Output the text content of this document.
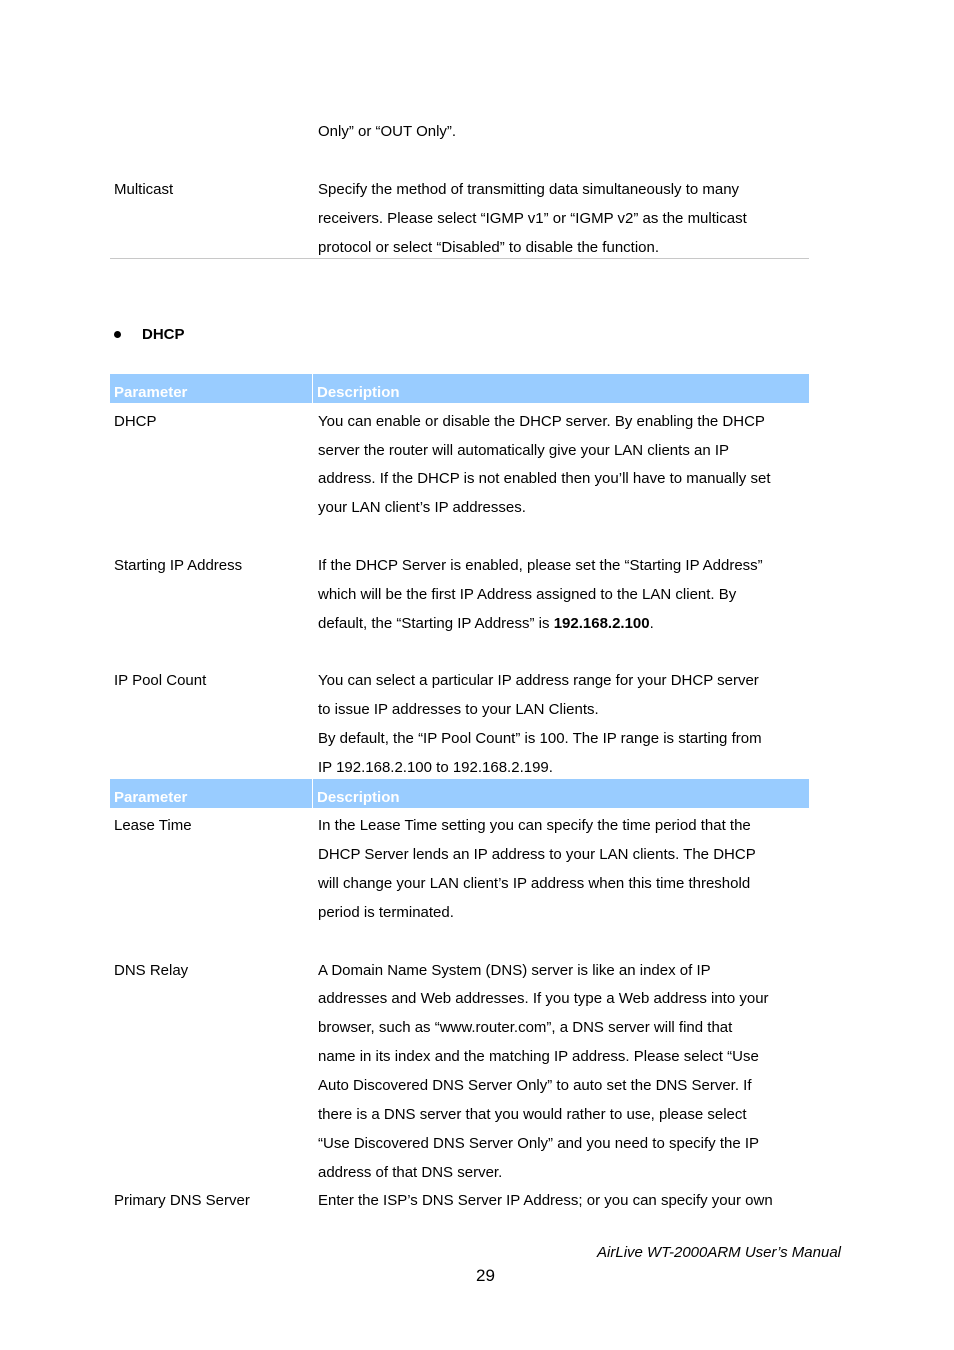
Only” or “OUT Only”.
Multicast	Specify the method of transmitting data simultaneously to many
receivers. Please select “IGMP v1” or “IGMP v2” as the multicast
protocol or select “Disabled” to disable the function.
DHCP
Parameter	Description
DHCP	You can enable or disable the DHCP server. By enabling the DHCP
server the router will automatically give your LAN clients an IP
address. If the DHCP is not enabled then you’ll have to manually set
your LAN client’s IP addresses.
Starting IP Address	If the DHCP Server is enabled, please set the “Starting IP Address”
which will be the first IP Address assigned to the LAN client. By
default, the “Starting IP Address” is 192.168.2.100.
IP Pool Count	You can select a particular IP address range for your DHCP server
to issue IP addresses to your LAN Clients.
By default, the “IP Pool Count” is 100. The IP range is starting from
IP 192.168.2.100 to 192.168.2.199.
Parameter	Description
Lease Time	In the Lease Time setting you can specify the time period that the
DHCP Server lends an IP address to your LAN clients. The DHCP
will change your LAN client’s IP address when this time threshold
period is terminated.
DNS Relay	A Domain Name System (DNS) server is like an index of IP
addresses and Web addresses. If you type a Web address into your
browser, such as “www.router.com”, a DNS server will find that
name in its index and the matching IP address. Please select “Use
Auto Discovered DNS Server Only” to auto set the DNS Server. If
there is a DNS server that you would rather to use, please select
“Use Discovered DNS Server Only” and you need to specify the IP
address of that DNS server.
Primary DNS Server	Enter the ISP’s DNS Server IP Address; or you can specify your own
AirLive WT-2000ARM User’s Manual
29
